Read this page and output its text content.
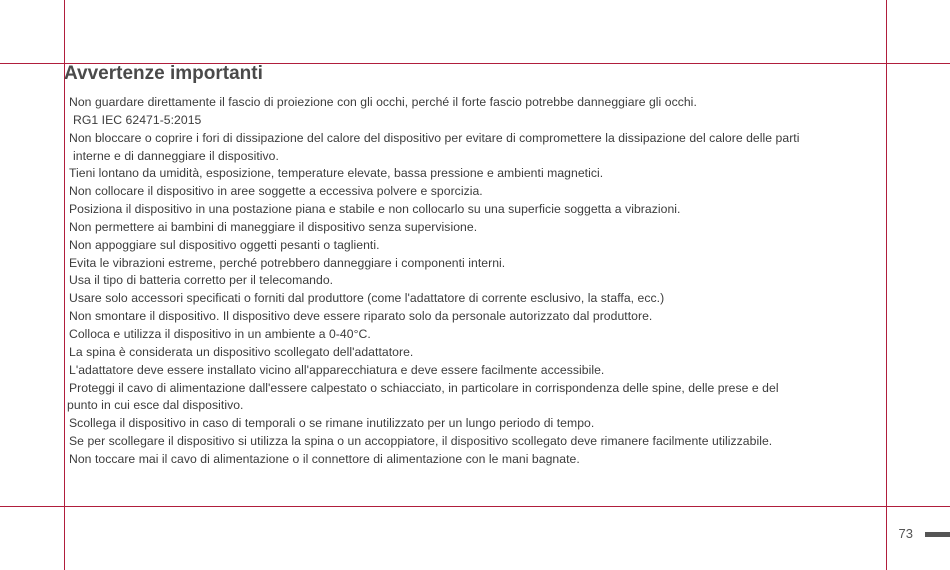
Avvertenze importanti
Non guardare direttamente il fascio di proiezione con gli occhi, perché il forte fascio potrebbe danneggiare gli occhi.
RG1 IEC 62471-5:2015
Non bloccare o coprire i fori di dissipazione del calore del dispositivo per evitare di compromettere la dissipazione del calore delle parti
interne e di danneggiare il dispositivo.
Tieni lontano da umidità, esposizione, temperature elevate, bassa pressione e ambienti magnetici.
Non collocare il dispositivo in aree soggette a eccessiva polvere e sporcizia.
Posiziona il dispositivo in una postazione piana e stabile e non collocarlo su una superficie soggetta a vibrazioni.
Non permettere ai bambini di maneggiare il dispositivo senza supervisione.
Non appoggiare sul dispositivo oggetti pesanti o taglienti.
Evita le vibrazioni estreme, perché potrebbero danneggiare i componenti interni.
Usa il tipo di batteria corretto per il telecomando.
Usare solo accessori specificati o forniti dal produttore (come l'adattatore di corrente esclusivo, la staffa, ecc.)
Non smontare il dispositivo. Il dispositivo deve essere riparato solo da personale autorizzato dal produttore.
Colloca e utilizza il dispositivo in un ambiente a 0-40°C.
La spina è considerata un dispositivo scollegato dell'adattatore.
L'adattatore deve essere installato vicino all'apparecchiatura e deve essere facilmente accessibile.
Proteggi il cavo di alimentazione dall'essere calpestato o schiacciato, in particolare in corrispondenza delle spine, delle prese e del
punto in cui esce dal dispositivo.
Scollega il dispositivo in caso di temporali o se rimane inutilizzato per un lungo periodo di tempo.
Se per scollegare il dispositivo si utilizza la spina o un accoppiatore, il dispositivo scollegato deve rimanere facilmente utilizzabile.
Non toccare mai il cavo di alimentazione o il connettore di alimentazione con le mani bagnate.
73
